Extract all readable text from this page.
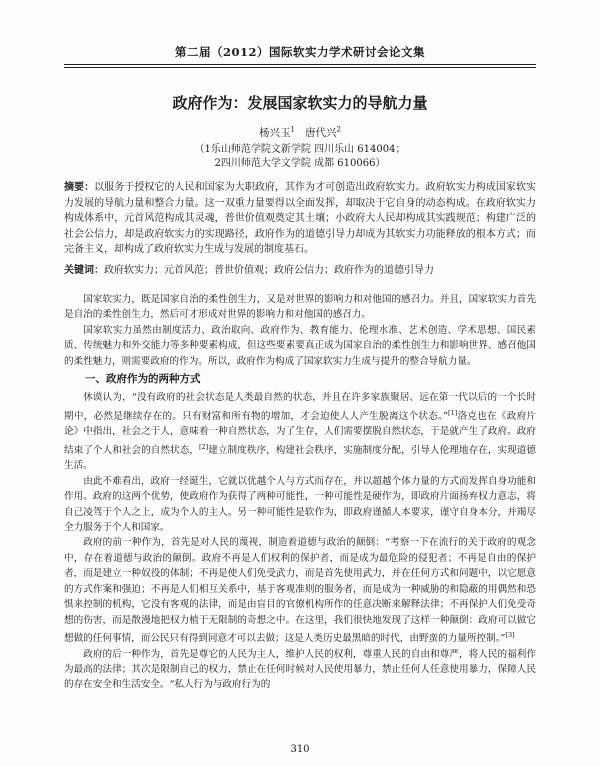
第二届（2012）国际软实力学术研讨会论文集
政府作为：发展国家软实力的导航力量
杨兴玉$^1$ 唐代兴$^2$
（1乐山师范学院文新学院 四川乐山 614004；
2四川师范大学文学院 成都 610066）
摘要：以服务于授权它的人民和国家为大职政府，其作为才可创造出政府软实力。政府软实力构成国家软实力发展的导航力量和整合力量。这一双重力量要得以全面发挥，却取决于它自身的动态构成。在政府软实力构成体系中，元首风范构成其灵魂，普世价值观奠定其土壤；小政府大人民却构成其实践规范；构建广泛的社会公信力，却是政府软实力的实现路径，政府作为的道德引导力却成为其软实力功能释放的根本方式；而完备主义，却构成了政府软实力生成与发展的制度基石。
关键词：政府软实力；元首风范；普世价值观；政府公信力；政府作为的道德引导力

国家软实力，既是国家自治的柔性创生力，又是对世界的影响力和对他国的感召力。并且，国家软实力首先是自治的柔性创生力，然后可才形成对世界的影响力和对他国的感召力。

国家软实力虽然由制度活力、政治取向、政府作为、教育能力、伦理水准、艺术创造、学术思想、国民素质、传统魅力和外交能力等多种要素构成，但这些要素要真正成为国家自治的柔性创生力和影响世界、感召他国的柔性魅力，则需要政府的作为。所以，政府作为构成了国家软实力生成与提升的整合导航力量。

一、政府作为的两种方式

休谟认为，“没有政府的社会状态是人类最自然的状态，并且在许多家族聚居、远在第一代以后的一个长时期中，必然是继续存在的。只有财富和所有物的增加，才会迫使人人产生脱离这个状态。”[1]洛克也在《政府片论》中指出，社会之于人，意味着一种自然状态，为了生存，人们需要摆脱自然状态，于是就产生了政府。政府结束了个人和社会的自然状态，[2]建立制度秩序，构建社会秩序，实施制度分配，引导人伦理地存在，实现道德生活。

由此不难看出，政府一经诞生，它就以优越个人与方式而存在，并以超越个体力量的方式而发挥自身功能和作用。政府的这两个优势，使政府作为获得了两种可能性，一种可能性是硬作为，即政府片面扬弃权力意志，将自己凌驾于个人之上，成为个人的主人。另一种可能性是软作为，即政府谨循人本要求，谨守自身本分，并竭尽全力服务于个人和国家。

政府的前一种作为，首先是对人民的蔑视，制造着道德与政治的颠倒：“考察一下在流行的关于政府的观念中，存在着道德与政治的颠倒。政府不再是人们权利的保护者，而是成为最危险的侵犯者；不再是自由的保护者，而是建立一种奴役的体制；不再是使人们免受武力，而是首先使用武力，并在任何方式和问题中，以它愿意的方式作案和强迫；不再是人们相互关系中，基于客观准则的服务者，而是成为一种威胁的和隐蔽的用偶然和恐惧来控制的机构，它没有客观的法律，而是由盲目的官僚机构所作的任意决断来解释法律；不再保护人们免受奇想的伤害，而是散漫地把权力植于无限制的奇想之中。在这里，我们很快地发现了这样一种颠倒：政府可以做它想做的任何事情，而公民只有得到同意才可以去做；这是人类历史最黑暗的时代，由野蛮的力量所控制。”[3]

政府的后一种作为，首先是尊它的人民为主人，维护人民的权利，尊重人民的自由和尊严，将人民的福利作为最高的法律；其次是限制自己的权力，禁止在任何时候对人民使用暴力，禁止任何人任意使用暴力，保障人民的存在安全和生活安全。“私人行为与政府行为的

310
